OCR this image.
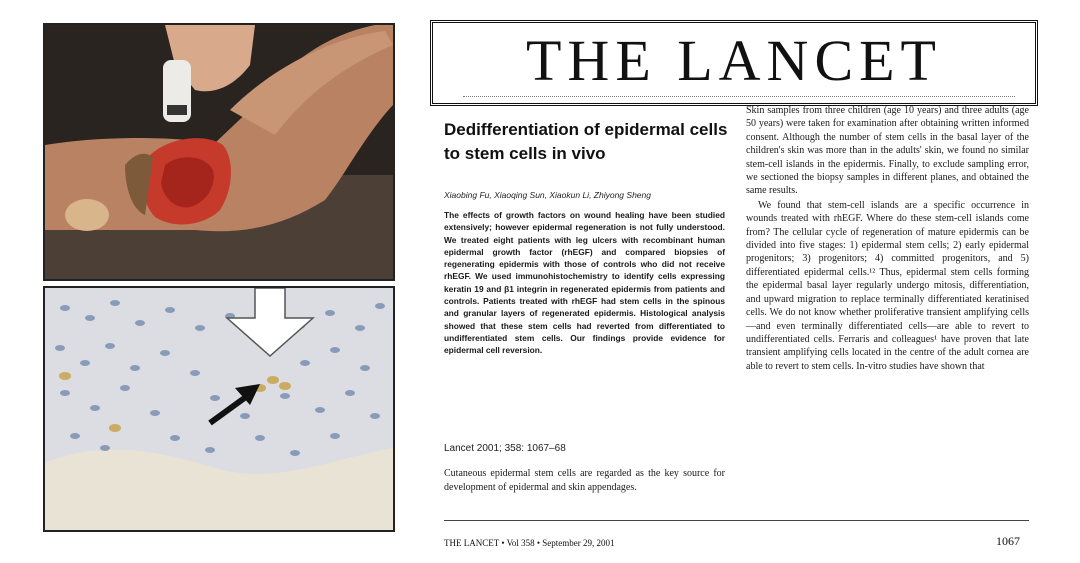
THE LANCET
Dedifferentiation of epidermal cells to stem cells in vivo
Xiaobing Fu, Xiaoqing Sun, Xiaokun Li, Zhiyong Sheng
The effects of growth factors on wound healing have been studied extensively; however epidermal regeneration is not fully understood. We treated eight patients with leg ulcers with recombinant human epidermal growth factor (rhEGF) and compared biopsies of regenerating epidermis with those of controls who did not receive rhEGF. We used immunohistochemistry to identify cells expressing keratin 19 and β1 integrin in regenerated epidermis from patients and controls. Patients treated with rhEGF had stem cells in the spinous and granular layers of regenerated epidermis. Histological analysis showed that these stem cells had reverted from differentiated to undifferentiated stem cells. Our findings provide evidence for epidermal cell reversion.
Lancet 2001; 358: 1067–68
Cutaneous epidermal stem cells are regarded as the key source for development of epidermal and skin appendages.

Skin samples from three children (age 10 years) and three adults (age 50 years) were taken for examination after obtaining written informed consent. Although the number of stem cells in the basal layer of the children's skin was more than in the adults' skin, we found no similar stem-cell islands in the epidermis. Finally, to exclude sampling error, we sectioned the biopsy samples in different planes, and obtained the same results.

We found that stem-cell islands are a specific occurrence in wounds treated with rhEGF. Where do these stem-cell islands come from? The cellular cycle of regeneration of mature epidermis can be divided into five stages: 1) epidermal stem cells; 2) early epidermal progenitors; 3) progenitors; 4) committed progenitors, and 5) differentiated epidermal cells.¹² Thus, epidermal stem cells forming the epidermal basal layer regularly undergo mitosis, differentiation, and upward migration to replace terminally differentiated keratinised cells. We do not know whether proliferative transient amplifying cells—and even terminally differentiated cells—are able to revert to undifferentiated cells. Ferraris and colleagues¹ have proven that late transient amplifying cells located in the centre of the adult cornea are able to revert to stem cells. In-vitro studies have shown that

THE LANCET • Vol 358 • September 29, 2001	1067
